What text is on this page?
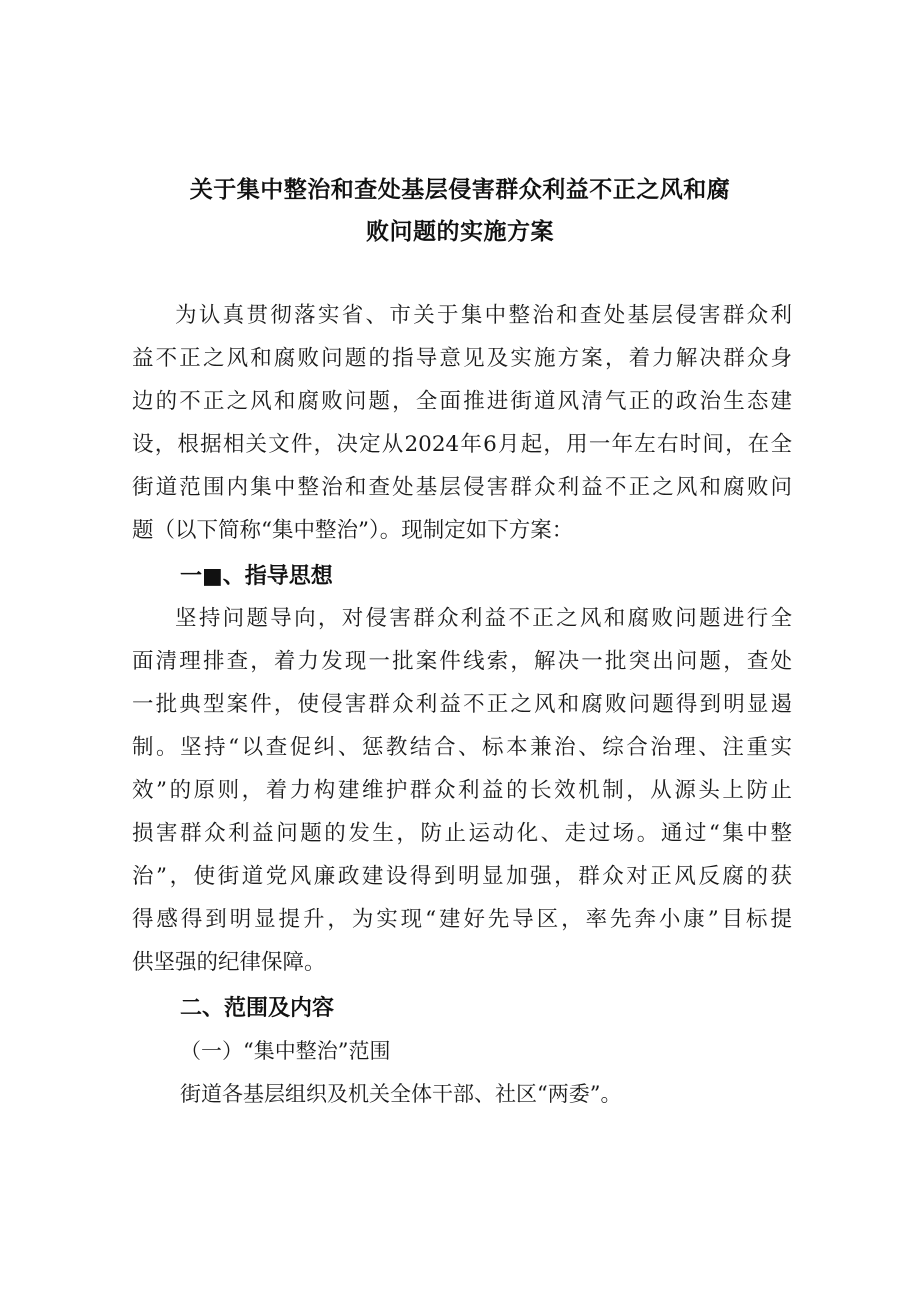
关于集中整治和查处基层侵害群众利益不正之风和腐
败问题的实施方案
为认真贯彻落实省、市关于集中整治和查处基层侵害群众利
益不正之风和腐败问题的指导意见及实施方案，着力解决群众身
边的不正之风和腐败问题，全面推进街道风清气正的政治生态建
设，根据相关文件，决定从2024年6月起，用一年左右时间，在全
街道范围内集中整治和查处基层侵害群众利益不正之风和腐败问
题（以下简称“集中整治”）。现制定如下方案：
一■、指导思想
坚持问题导向，对侵害群众利益不正之风和腐败问题进行全
面清理排查，着力发现一批案件线索，解决一批突出问题，查处
一批典型案件，使侵害群众利益不正之风和腐败问题得到明显遏
制。坚持“以查促纠、惩教结合、标本兼治、综合治理、注重实
效”的原则，着力构建维护群众利益的长效机制，从源头上防止
损害群众利益问题的发生，防止运动化、走过场。通过“集中整
治”，使街道党风廉政建设得到明显加强，群众对正风反腐的获
得感得到明显提升，为实现“建好先导区，率先奔小康”目标提
供坚强的纪律保障。
二、范围及内容
（一）“集中整治”范围
街道各基层组织及机关全体干部、社区“两委”。
